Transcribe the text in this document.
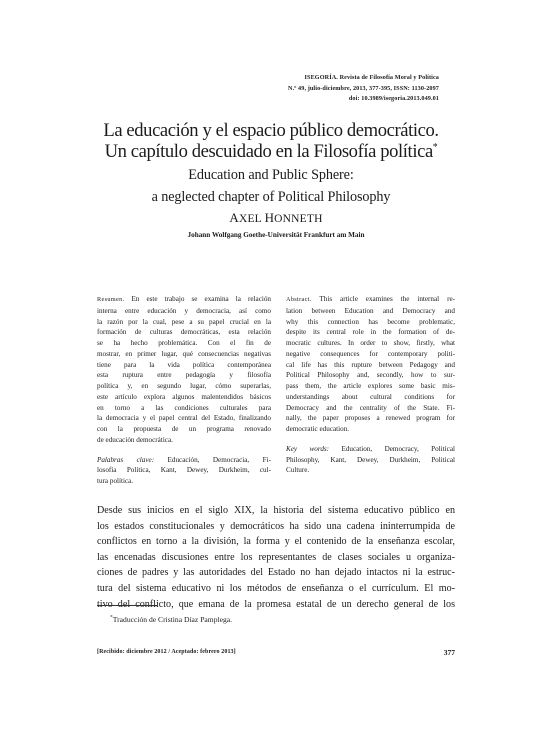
ISEGORÍA. Revista de Filosofía Moral y Política
N.º 49, julio-diciembre, 2013, 377-395, ISSN: 1130-2097
doi: 10.3989/isegoria.2013.049.01
La educación y el espacio público democrático.
Un capítulo descuidado en la Filosofía política*
Education and Public Sphere:
a neglected chapter of Political Philosophy
AXEL HONNETH
Johann Wolfgang Goethe-Universität Frankfurt am Main
Resumen. En este trabajo se examina la relación
interna entre educación y democracia, así como
la razón por la cual, pese a su papel crucial en la
formación de culturas democráticas, esta relación
se ha hecho problemática. Con el fin de
mostrar, en primer lugar, qué consecuencias negativas
tiene para la vida política contemporánea
esta ruptura entre pedagogía y filosofía
política y, en segundo lugar, cómo superarlas,
este artículo explora algunos malentendidos básicos
en torno a las condiciones culturales para
la democracia y el papel central del Estado, finalizando
con la propuesta de un programa renovado
de educación democrática.
Palabras clave: Educación, Democracia, Fi-
losofía Política, Kant, Dewey, Durkheim, cul-
tura política.
Abstract. This article examines the internal re-
lation between Education and Democracy and
why this connection has become problematic,
despite its central role in the formation of de-
mocratic cultures. In order to show, firstly, what
negative consequences for contemporary politi-
cal life has this rupture between Pedagogy and
Political Philosophy and, secondly, how to sur-
pass them, the article explores some basic mis-
understandings about cultural conditions for
Democracy and the centrality of the State. Fi-
nally, the paper proposes a renewed program for
democratic education.
Key words: Education, Democracy, Political
Philosophy, Kant, Dewey, Durkheim, Political
Culture.
Desde sus inicios en el siglo XIX, la historia del sistema educativo público en
los estados constitucionales y democráticos ha sido una cadena ininterrumpida de
conflictos en torno a la división, la forma y el contenido de la enseñanza escolar,
las encenadas discusiones entre los representantes de clases sociales u organiza-
ciones de padres y las autoridades del Estado no han dejado intactos ni la estruc-
tura del sistema educativo ni los métodos de enseñanza o el currículum. El mo-
tivo del conflicto, que emana de la promesa estatal de un derecho general de los
*Traducción de Cristina Díaz Pamplega.
[Recibido: diciembre 2012 / Aceptado: febrero 2013]	377
